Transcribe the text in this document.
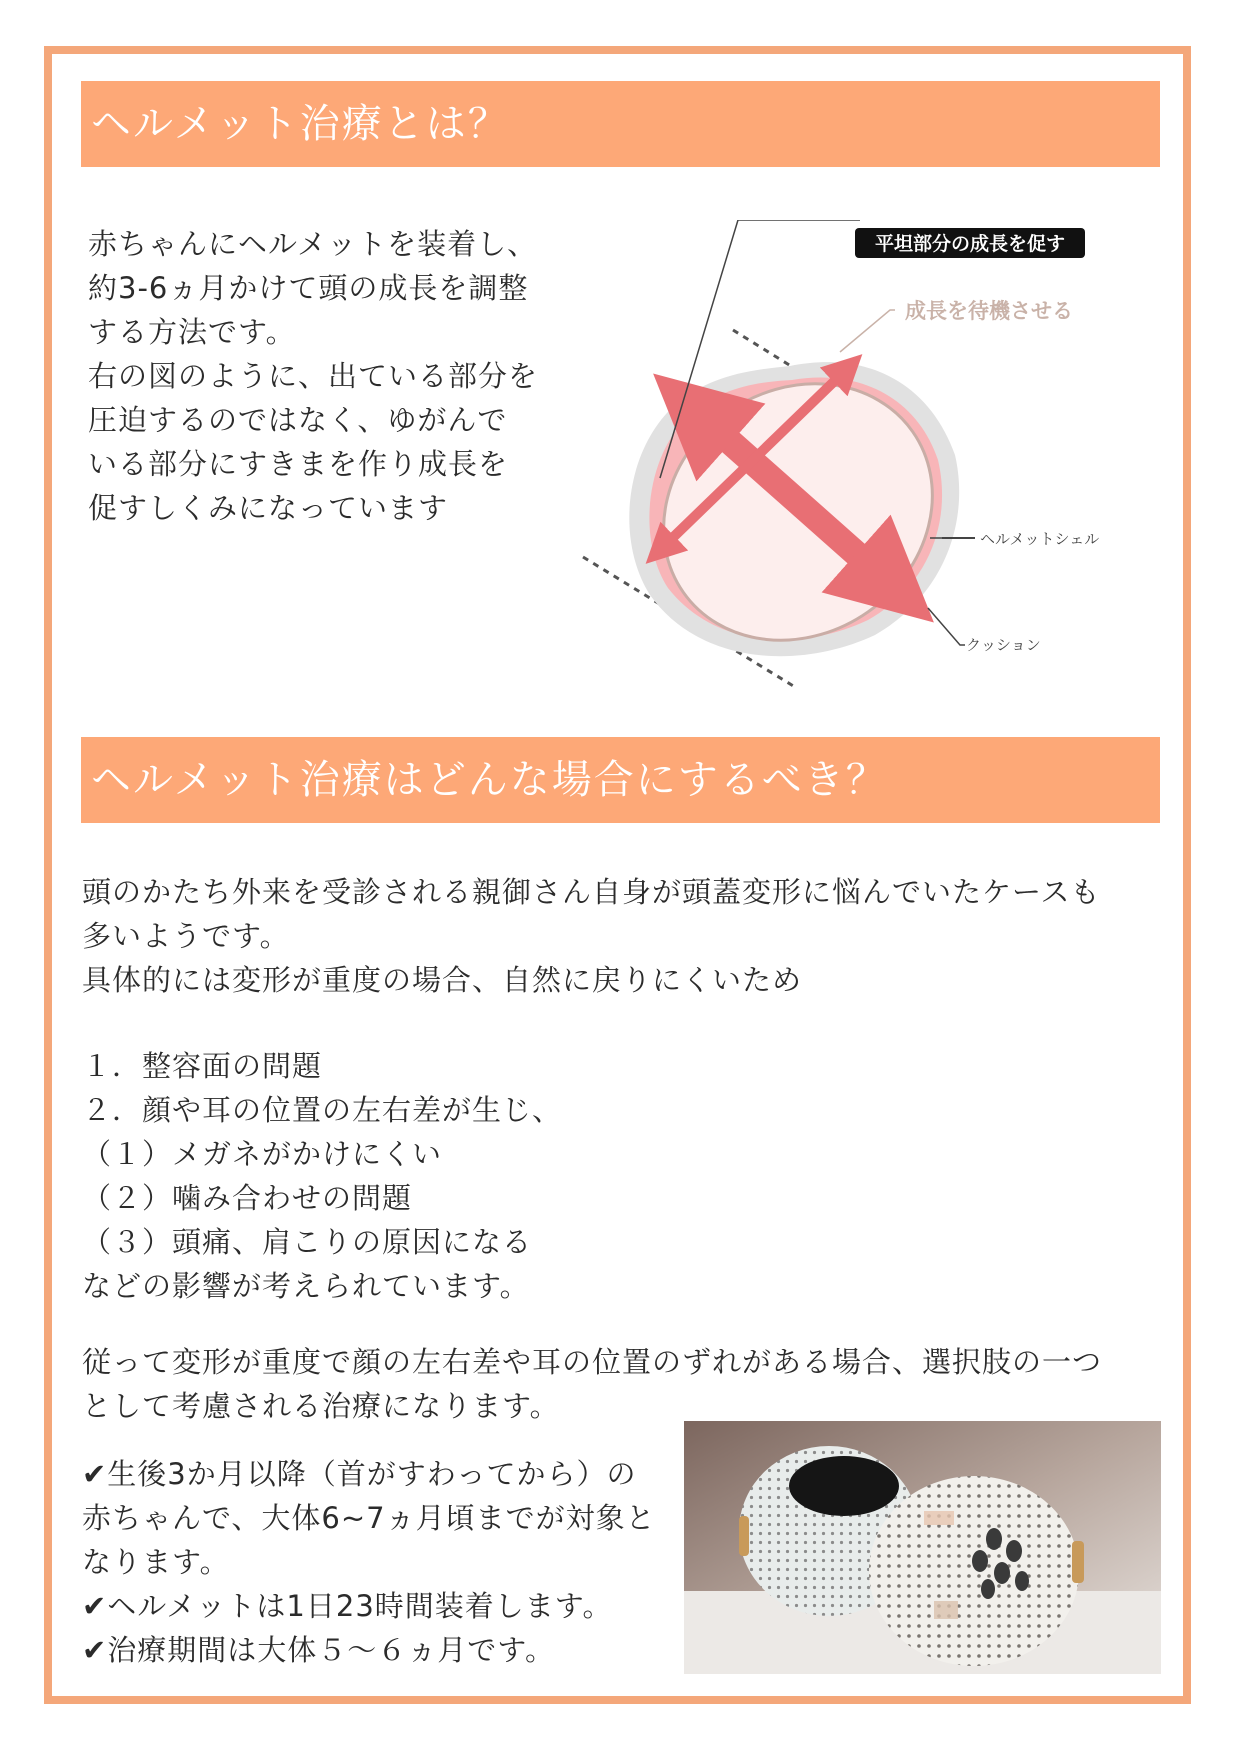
ヘルメット治療とは？
赤ちゃんにヘルメットを装着し、
約3-6ヵ月かけて頭の成長を調整
する方法です。
右の図のように、出ている部分を
圧迫するのではなく、ゆがんで
いる部分にすきまを作り成長を
促すしくみになっています
平坦部分の成長を促す
成長を待機させる
ヘルメットシェル
クッション
ヘルメット治療はどんな場合にするべき？
頭のかたち外来を受診される親御さん自身が頭蓋変形に悩んでいたケースも
多いようです。
具体的には変形が重度の場合、自然に戻りにくいため
１．整容面の問題
２．顔や耳の位置の左右差が生じ、
（１）メガネがかけにくい
（２）噛み合わせの問題
（３）頭痛、肩こりの原因になる
などの影響が考えられています。
従って変形が重度で顔の左右差や耳の位置のずれがある場合、選択肢の一つ
として考慮される治療になります。
✔生後3か月以降（首がすわってから）の
赤ちゃんで、大体6~7ヵ月頃までが対象と
なります。
✔ヘルメットは1日23時間装着します。
✔治療期間は大体５～６ヵ月です。
